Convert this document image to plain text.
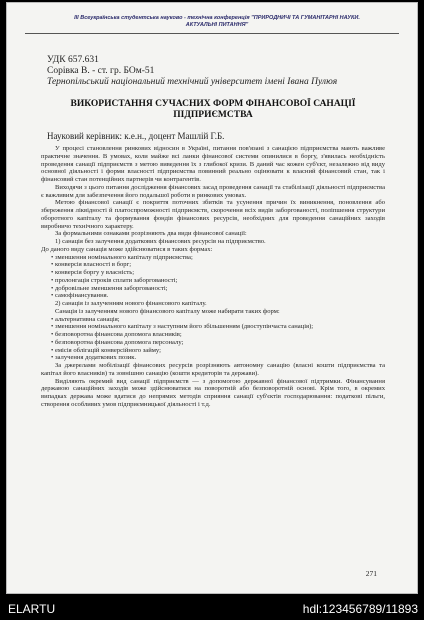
ІІІ Всеукраїнська студентська науково - технічна конференція "ПРИРОДНИЧІ ТА ГУМАНІТАРНІ НАУКИ.
АКТУАЛЬНІ ПИТАННЯ"
УДК 657.631
Сорівка В. - ст. гр. БОм-51
Тернопільський національний технічний університет імені Івана Пулюя
ВИКОРИСТАННЯ СУЧАСНИХ ФОРМ ФІНАНСОВОЇ САНАЦІЇ
ПІДПРИЄМСТВА
Науковий керівник: к.е.н., доцент Машлій Г.Б.

У процесі становлення ринкових відносин в Україні, питання пов'язані з санацією підприємства мають важливе практичне значення. В умовах, коли майже всі ланки фінансової системи опинилися в боргу, з'явилась необхідність проведення санації підприємств з метою виведення їх з глибокої кризи. В даний час кожен суб'єкт, незалежно від виду основної діяльності і форми власності підприємства повинний реально оцінювати к власний фінансовий стан, так і фінансовий стан потенційних партнерів чи контрагентів.

Виходячи з цього питання дослідження фінансових засад проведення санації та стабілізації діяльності підприємства є важливим для забезпечення його подальшої роботи в ринкових умовах.

Метою фінансової санації є покриття поточних збитків та усунення причин їх виникнення, поновлення або збереження ліквідності й платоспроможності підприємств, скорочення всіх видів заборгованості, поліпшення структури оборотного капіталу та формування фондів фінансових ресурсів, необхідних для проведення санаційних заходів виробничо технічного характеру.

За формальними ознаками розрізняють два види фінансової санації:

1) санація без залучення додаткових фінансових ресурсів на підприємство.

До даного виду санація може здійснюватися в таких формах:

• зменшення номінального капіталу підприємства;

• конверсія власності в борг;

• конверсія боргу у власність;

• пролонгація строків сплати заборгованості;

• добровільне зменшення заборгованості;

• самофінансування.

2) санація із залученням нового фінансового капіталу.

Санація із залученням нового фінансового капіталу може набирати таких форм:

• альтернативна санація;

• зменшення номінального капіталу з наступним його збільшенням (двоступінчаста санація);

• безповоротна фінансова допомога власників;

• безповоротна фінансова допомога персоналу;

• емісія облігацій конверсійного займу;

• залучення додаткових позик.

За джерелами мобілізації фінансових ресурсів розрізняють автономну санацію (власні кошти підприємства та капітал його власників) та зовнішню санацію (кошти кредиторів та держави).

Виділяють окремий вид санації підприємств — з допомогою державної фінансової підтримки. Фінансування державою санаційних заходів може здійснюватися на поворотній або безповоротній основі. Крім того, в окремих випадках держава може вдатися до непрямих методів сприяння санації суб'єктів господарювання: податкові пільги, створення особливих умов підприємницької діяльності і т.д.

271
ELARTU	hdl:123456789/11893
